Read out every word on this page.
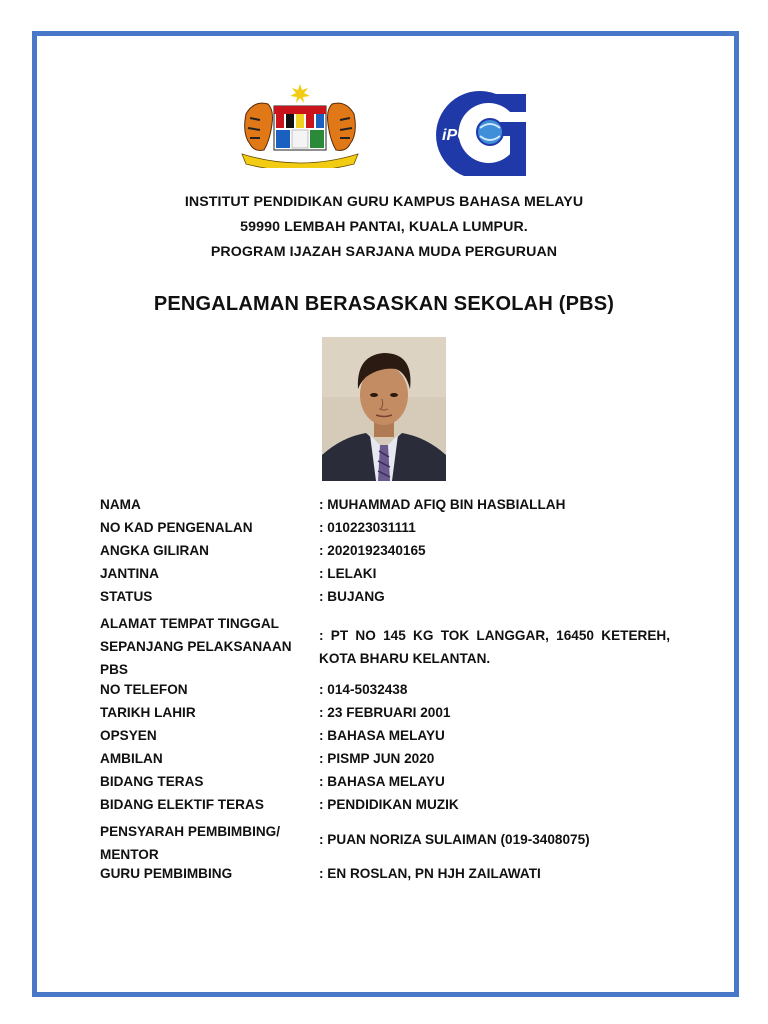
iPG
INSTITUT PENDIDIKAN GURU KAMPUS BAHASA MELAYU
59990 LEMBAH PANTAI, KUALA LUMPUR.
PROGRAM IJAZAH SARJANA MUDA PERGURUAN
PENGALAMAN BERASASKAN SEKOLAH (PBS)
NAMA	: MUHAMMAD AFIQ BIN HASBIALLAH
NO KAD PENGENALAN	: 010223031111
ANGKA GILIRAN	: 2020192340165
JANTINA	: LELAKI
STATUS	: BUJANG
ALAMAT TEMPAT TINGGAL SEPANJANG PELAKSANAAN PBS
: PT NO 145 KG TOK LANGGAR, 16450 KETEREH, KOTA BHARU KELANTAN.
NO TELEFON	: 014-5032438
TARIKH LAHIR	: 23 FEBRUARI 2001
OPSYEN	: BAHASA MELAYU
AMBILAN	: PISMP JUN 2020
BIDANG TERAS	: BAHASA MELAYU
BIDANG ELEKTIF TERAS	: PENDIDIKAN MUZIK
PENSYARAH PEMBIMBING/ MENTOR
: PUAN NORIZA SULAIMAN (019-3408075)
GURU PEMBIMBING	: EN ROSLAN, PN HJH ZAILAWATI
